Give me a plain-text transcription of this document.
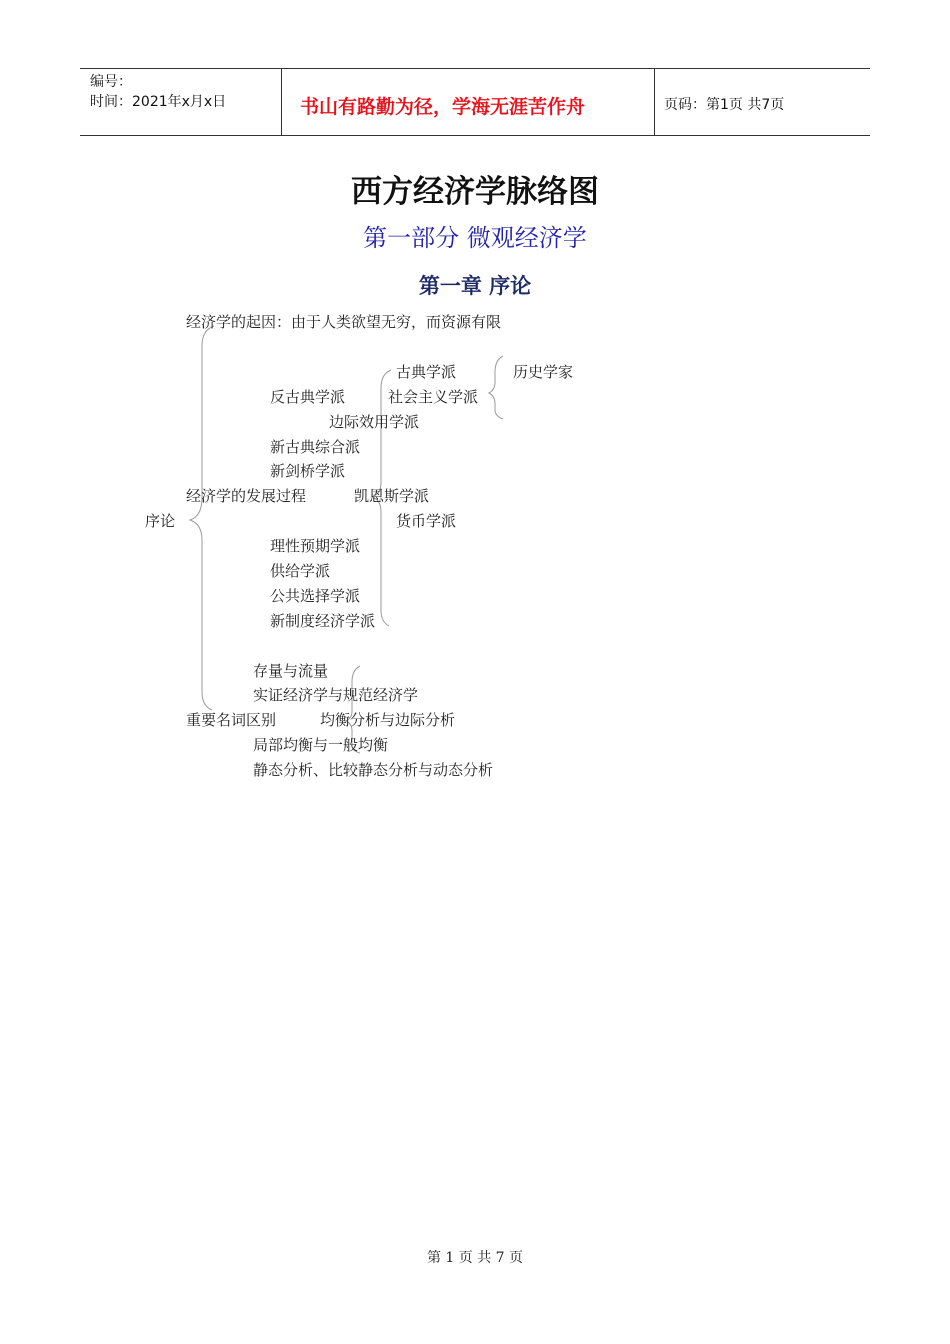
编号：
时间：2021年x月x日	书山有路勤为径，学海无涯苦作舟	页码：第1页 共7页
西方经济学脉络图
第一部分 微观经济学
第一章 序论
序论
经济学的起因：由于人类欲望无穷，而资源有限
经济学的发展过程
古典学派	历史学家
反古典学派	社会主义学派
边际效用学派
新古典综合派
新剑桥学派
凯恩斯学派
货币学派
理性预期学派
供给学派
公共选择学派
新制度经济学派
重要名词区别
存量与流量
实证经济学与规范经济学
均衡分析与边际分析
局部均衡与一般均衡
静态分析、比较静态分析与动态分析
第 1 页 共 7 页
